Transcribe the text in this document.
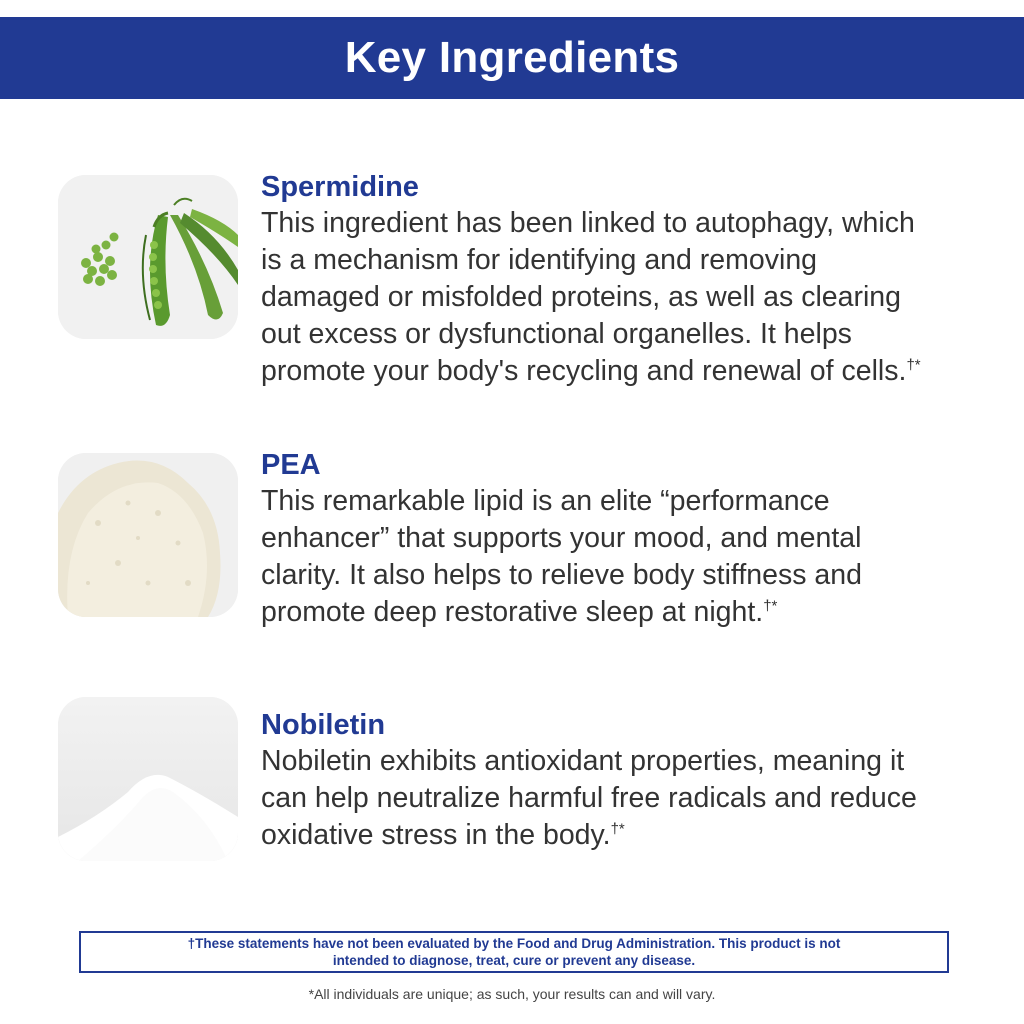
Key Ingredients

Spermidine

This ingredient has been linked to autophagy, which
is a mechanism for identifying and removing
damaged or misfolded proteins, as well as clearing
out excess or dysfunctional organelles. It helps
promote your body's recycling and renewal of cells.†*

PEA

This remarkable lipid is an elite “performance
enhancer” that supports your mood, and mental
clarity. It also helps to relieve body stiffness and
promote deep restorative sleep at night.†*

Nobiletin

Nobiletin exhibits antioxidant properties, meaning it
can help neutralize harmful free radicals and reduce
oxidative stress in the body.†*

†These statements have not been evaluated by the Food and Drug Administration. This product is not
intended to diagnose, treat, cure or prevent any disease.

*All individuals are unique; as such, your results can and will vary.
